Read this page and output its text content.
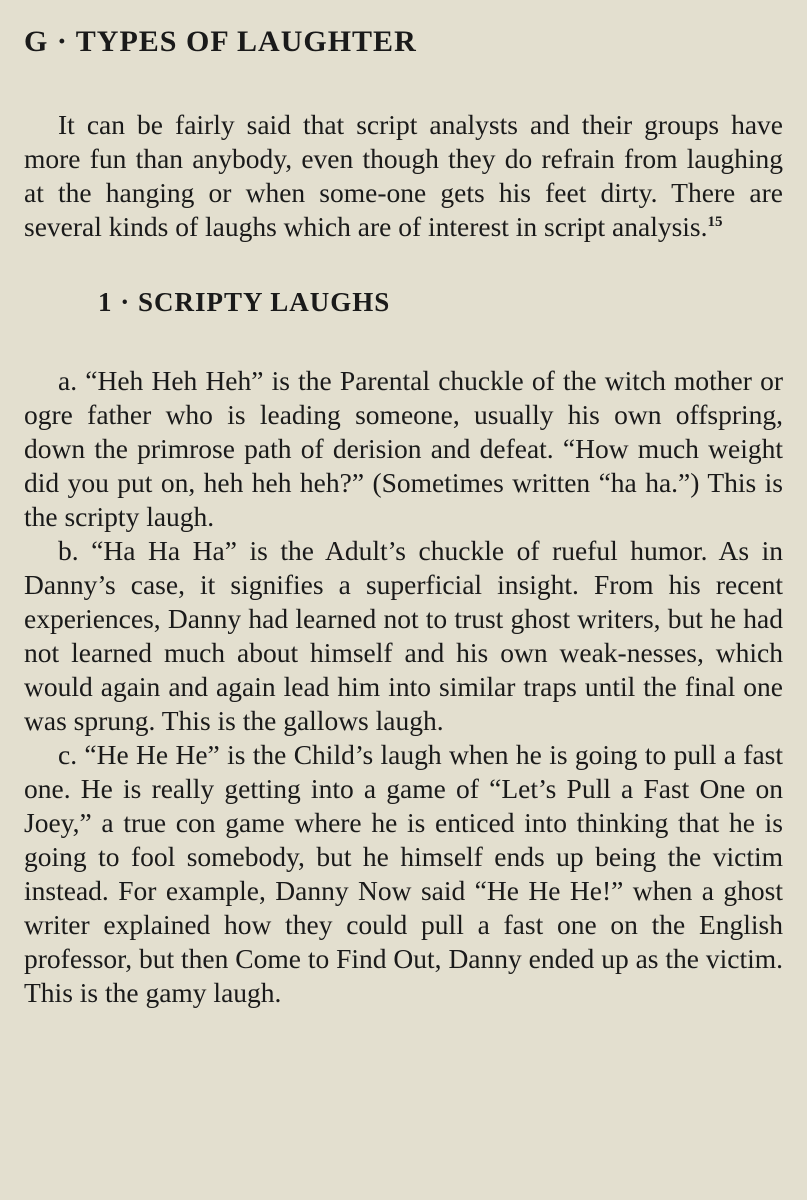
G · TYPES OF LAUGHTER

It can be fairly said that script analysts and their groups have more fun than anybody, even though they do refrain from laughing at the hanging or when some-one gets his feet dirty. There are several kinds of laughs which are of interest in script analysis.$^{15}$

1 · SCRIPTY LAUGHS

a. “Heh Heh Heh” is the Parental chuckle of the witch mother or ogre father who is leading someone, usually his own offspring, down the primrose path of derision and defeat. “How much weight did you put on, heh heh heh?” (Sometimes written “ha ha.”) This is the scripty laugh.

b. “Ha Ha Ha” is the Adult’s chuckle of rueful humor. As in Danny’s case, it signifies a superficial insight. From his recent experiences, Danny had learned not to trust ghost writers, but he had not learned much about himself and his own weak-nesses, which would again and again lead him into similar traps until the final one was sprung. This is the gallows laugh.

c. “He He He” is the Child’s laugh when he is going to pull a fast one. He is really getting into a game of “Let’s Pull a Fast One on Joey,” a true con game where he is enticed into thinking that he is going to fool somebody, but he himself ends up being the victim instead. For example, Danny Now said “He He He!” when a ghost writer explained how they could pull a fast one on the English professor, but then Come to Find Out, Danny ended up as the victim. This is the gamy laugh.
